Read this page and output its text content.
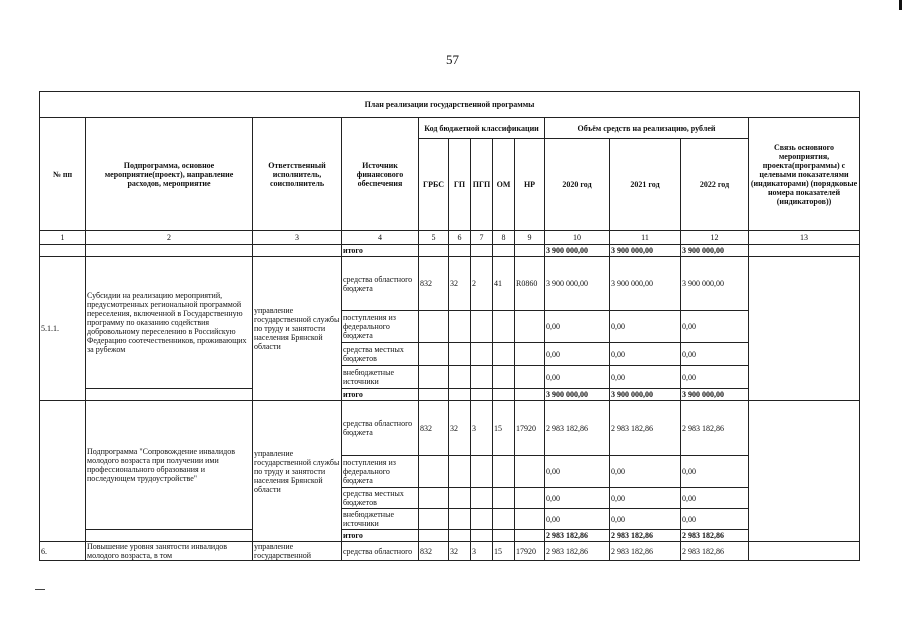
57
План реализации государственной программы												
№ пп	Подпрограмма, основное мероприятие(проект), направление расходов, мероприятие	Ответственный исполнитель, соисполнитель	Источник финансового обеспечения	Код бюджетной классификации					Объём средств на реализацию, рублей			Связь основного мероприятия, проекта(программы) с целевыми показателями (индикаторами) (порядковые номера показателей (индикаторов))
				ГРБС	ГП	ПГП	ОМ	НР	2020 год	2021 год	2022 год	
1	2	3	4	5	6	7	8	9	10	11	12	13
			итого						3 900 000,00	3 900 000,00	3 900 000,00	
5.1.1.	Субсидии на реализацию мероприятий, предусмотренных региональной программой переселения, включенной в Государственную программу по оказанию содействия добровольному переселению в Российскую Федерацию соотечественников, проживающих за рубежом	управление государственной службы по труду и занятости населения Брянской области	средства областного бюджета	832	32	2	41	R0860	3 900 000,00	3 900 000,00	3 900 000,00	
			поступления из федерального бюджета						0,00	0,00	0,00	
			средства местных бюджетов						0,00	0,00	0,00	
			внебюджетные источники						0,00	0,00	0,00	
			итого						3 900 000,00	3 900 000,00	3 900 000,00	
	Подпрограмма "Сопровождение инвалидов молодого возраста при получении ими профессионального образования и последующем трудоустройстве"	управление государственной службы по труду и занятости населения Брянской области	средства областного бюджета	832	32	3	15	17920	2 983 182,86	2 983 182,86	2 983 182,86	
			поступления из федерального бюджета						0,00	0,00	0,00	
			средства местных бюджетов						0,00	0,00	0,00	
			внебюджетные источники						0,00	0,00	0,00	
			итого						2 983 182,86	2 983 182,86	2 983 182,86	
6.	Повышение уровня занятости инвалидов молодого возраста, в том	управление государственной	средства областного	832	32	3	15	17920	2 983 182,86	2 983 182,86	2 983 182,86	
